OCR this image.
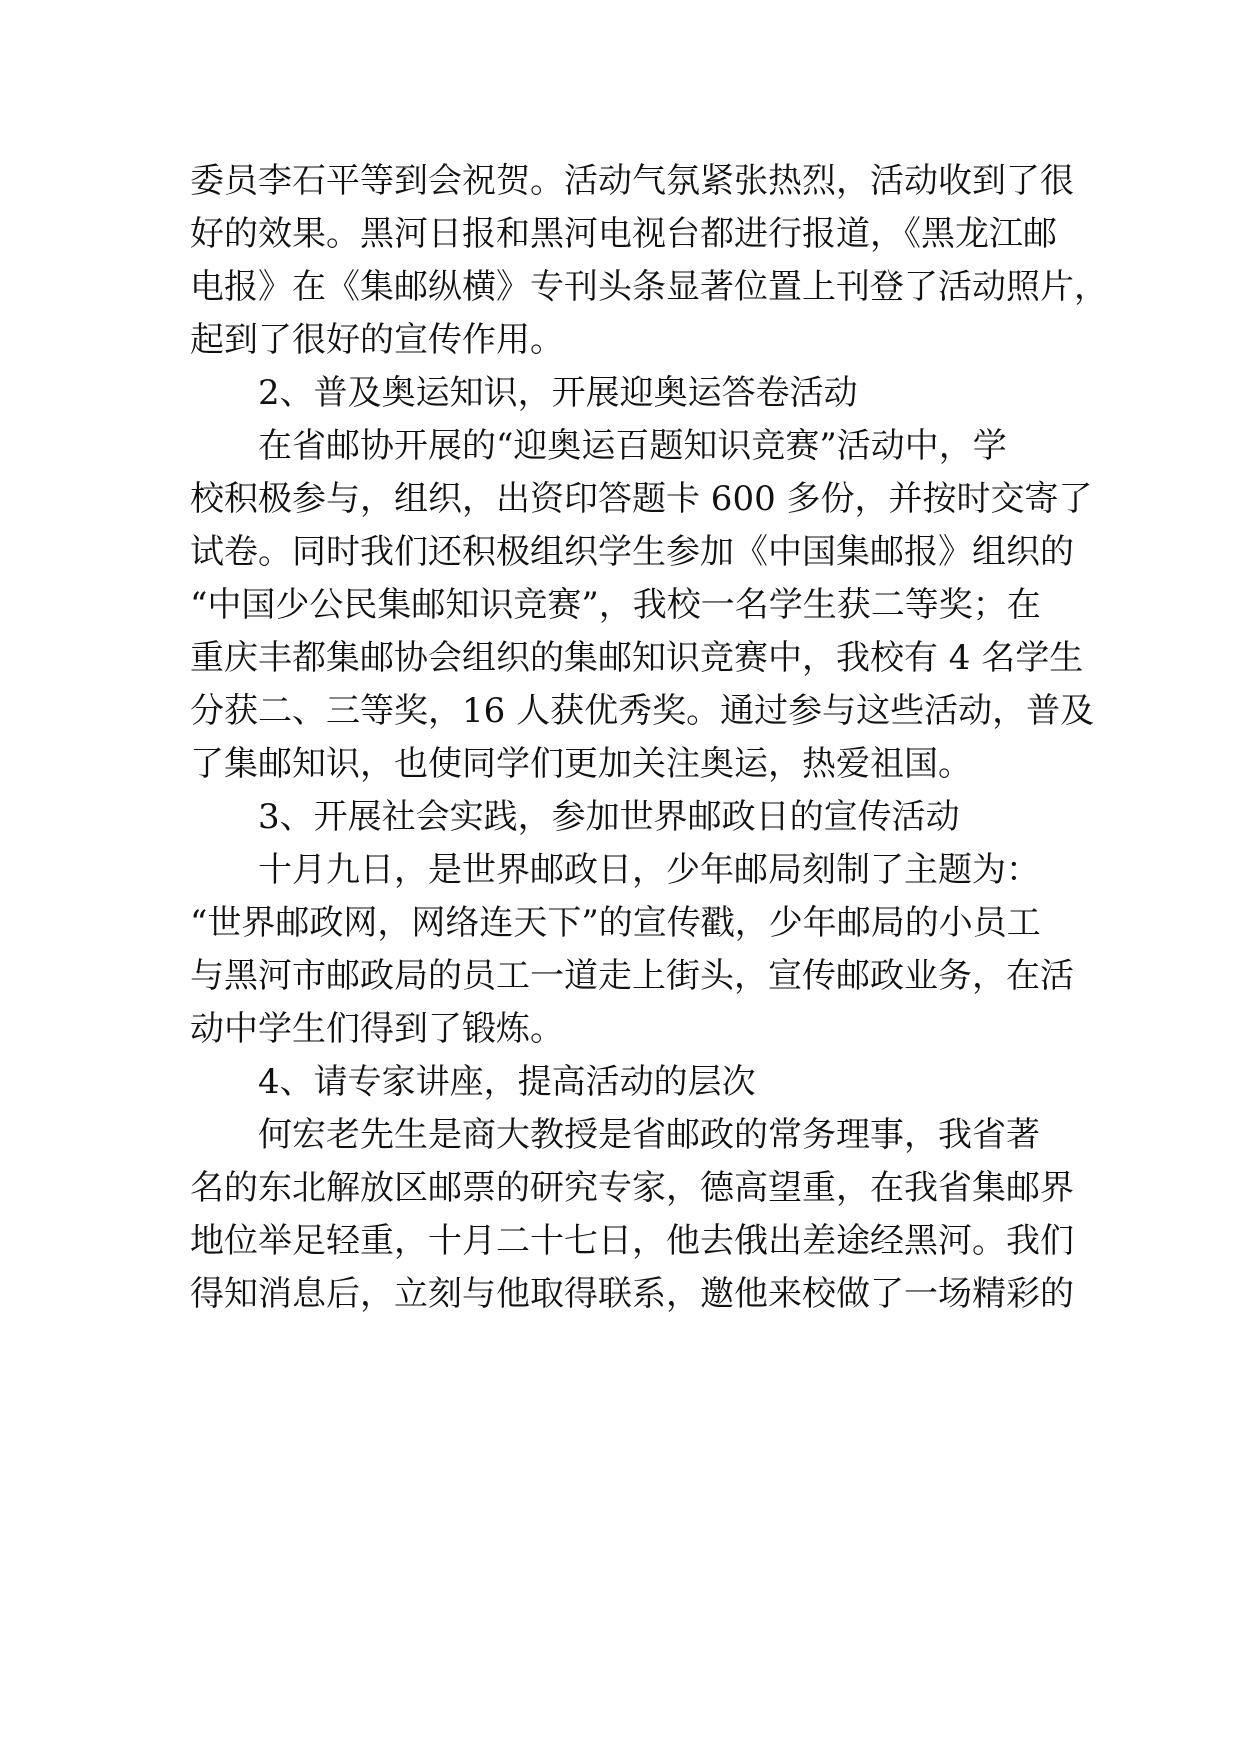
委员李石平等到会祝贺。活动气氛紧张热烈，活动收到了很
好的效果。黑河日报和黑河电视台都进行报道，《黑龙江邮
电报》在《集邮纵横》专刊头条显著位置上刊登了活动照片，
起到了很好的宣传作用。
　　2、普及奥运知识，开展迎奥运答卷活动
　　在省邮协开展的“迎奥运百题知识竞赛”活动中，学
校积极参与，组织，出资印答题卡 600 多份，并按时交寄了
试卷。同时我们还积极组织学生参加《中国集邮报》组织的
“中国少公民集邮知识竞赛”，我校一名学生获二等奖；在
重庆丰都集邮协会组织的集邮知识竞赛中，我校有 4 名学生
分获二、三等奖，16 人获优秀奖。通过参与这些活动，普及
了集邮知识，也使同学们更加关注奥运，热爱祖国。
　　3、开展社会实践，参加世界邮政日的宣传活动
　　十月九日，是世界邮政日，少年邮局刻制了主题为：
“世界邮政网，网络连天下”的宣传戳，少年邮局的小员工
与黑河市邮政局的员工一道走上街头，宣传邮政业务，在活
动中学生们得到了锻炼。
　　4、请专家讲座，提高活动的层次
　　何宏老先生是商大教授是省邮政的常务理事，我省著
名的东北解放区邮票的研究专家，德高望重，在我省集邮界
地位举足轻重，十月二十七日，他去俄出差途经黑河。我们
得知消息后，立刻与他取得联系，邀他来校做了一场精彩的
